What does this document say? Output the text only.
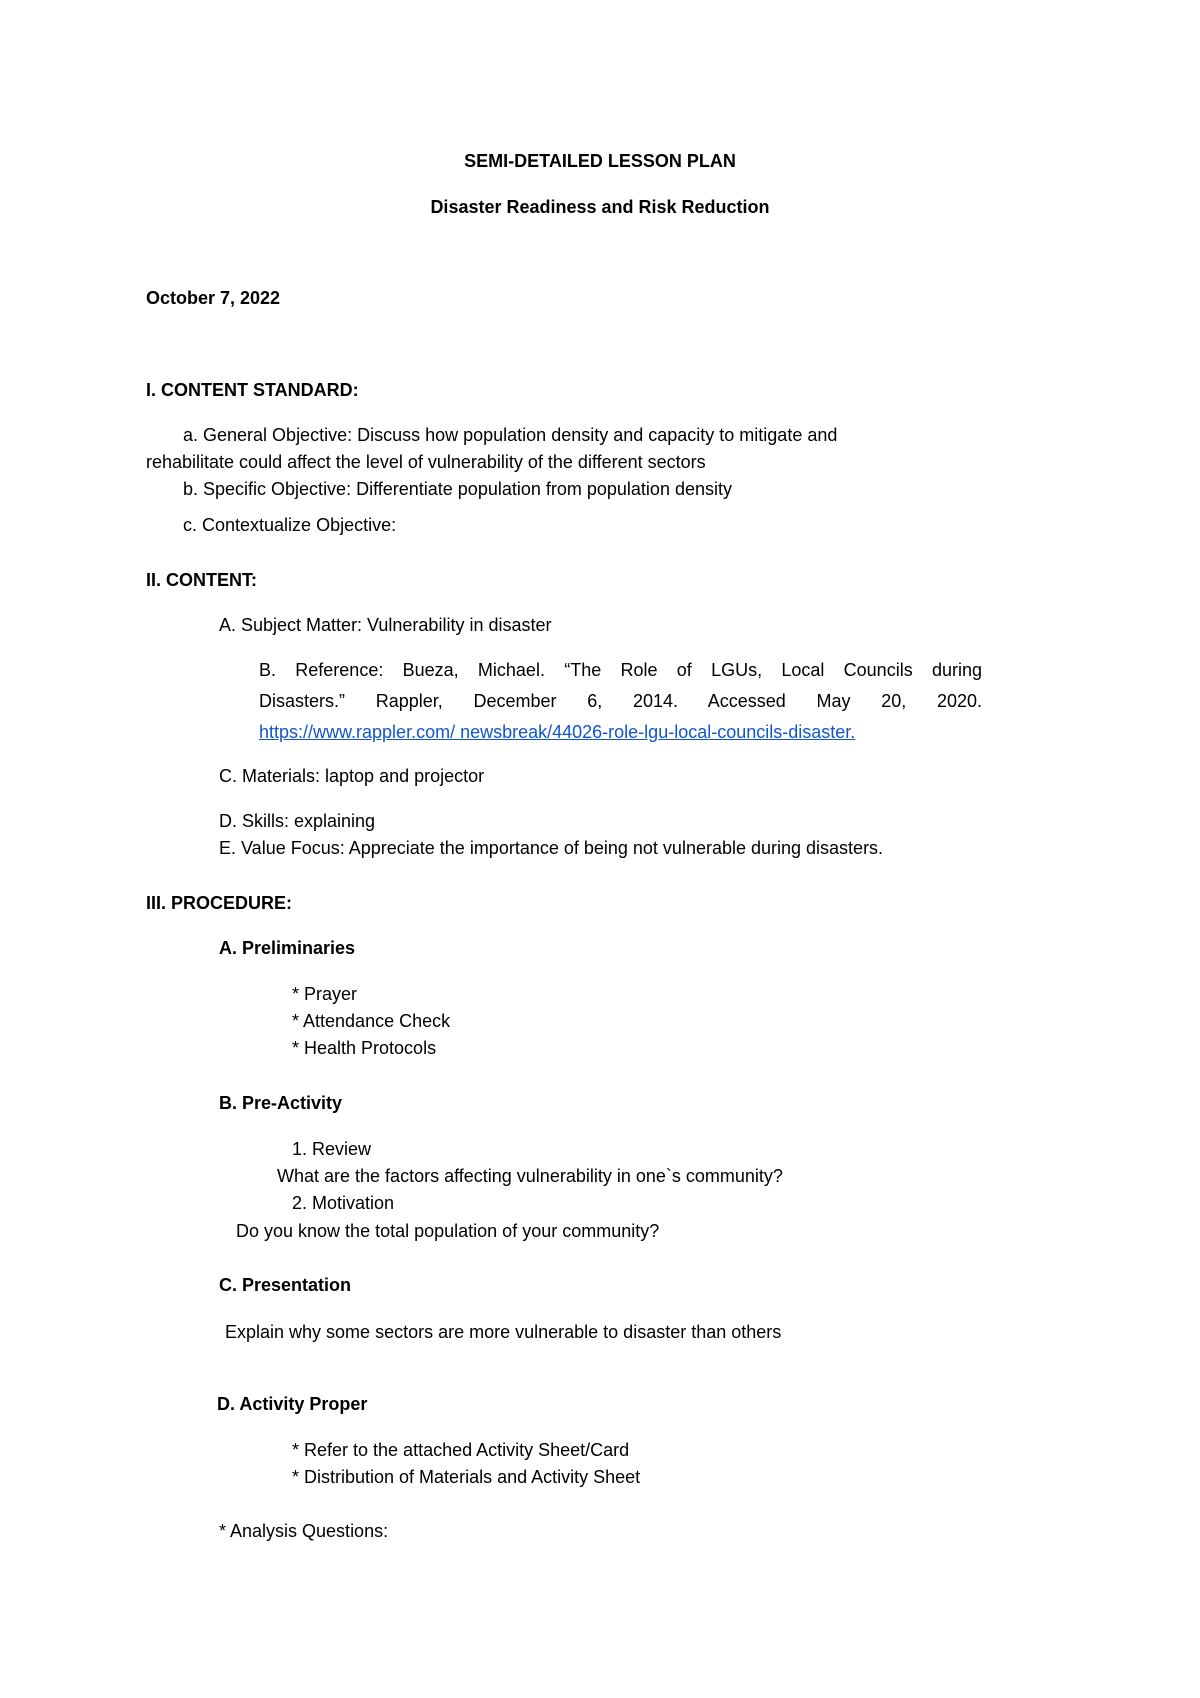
SEMI-DETAILED LESSON PLAN
Disaster Readiness and Risk Reduction
October 7, 2022
I. CONTENT STANDARD:
a. General Objective: Discuss how population density and capacity to mitigate and
rehabilitate could affect the level of vulnerability of the different sectors
b. Specific Objective: Differentiate population from population density
c. Contextualize Objective:
II. CONTENT:
A. Subject Matter: Vulnerability in disaster
B. Reference: Bueza, Michael. “The Role of LGUs, Local Councils during
Disasters.” Rappler, December 6, 2014. Accessed May 20, 2020.
https://www.rappler.com/ newsbreak/44026-role-lgu-local-councils-disaster.
C. Materials: laptop and projector
D. Skills: explaining
E. Value Focus: Appreciate the importance of being not vulnerable during disasters.
III. PROCEDURE:
A. Preliminaries
* Prayer
* Attendance Check
* Health Protocols
B. Pre-Activity
1. Review
What are the factors affecting vulnerability in one`s community?
2. Motivation
Do you know the total population of your community?
C. Presentation
Explain why some sectors are more vulnerable to disaster than others
D. Activity Proper
* Refer to the attached Activity Sheet/Card
* Distribution of Materials and Activity Sheet
* Analysis Questions:
